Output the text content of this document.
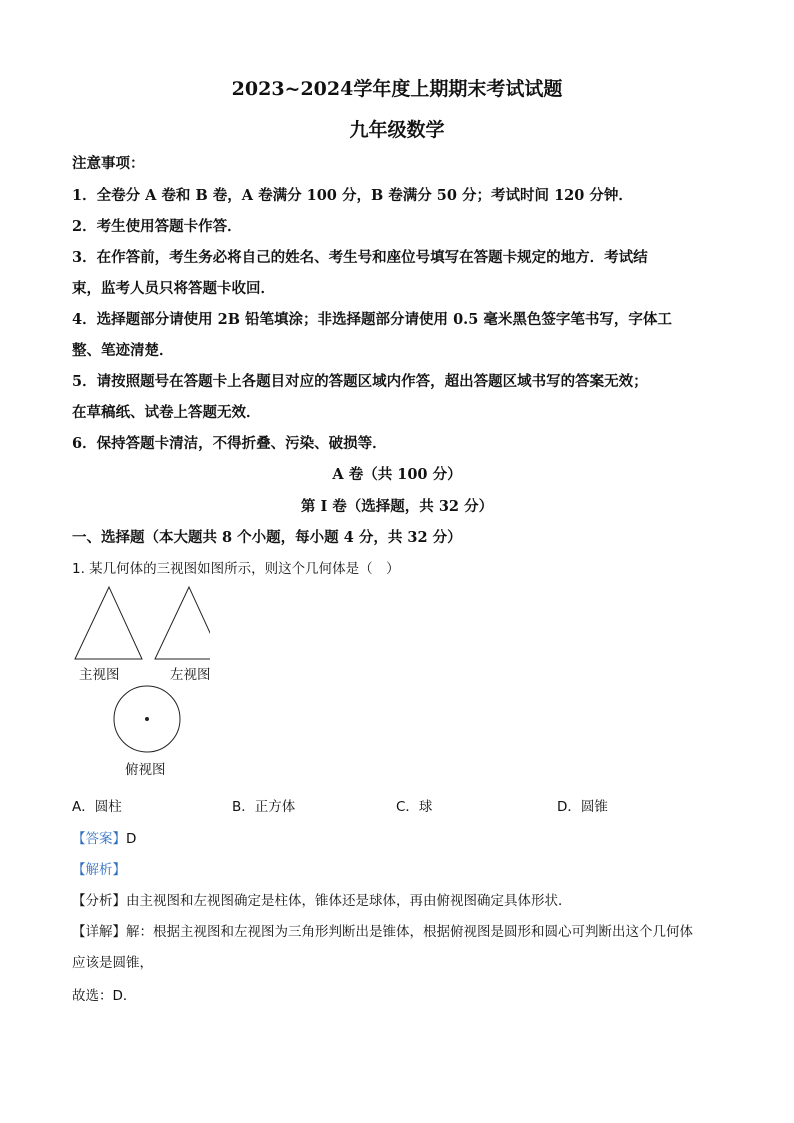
2023~2024学年度上期期末考试试题
九年级数学
注意事项：
1．全卷分 A 卷和 B 卷，A 卷满分 100 分，B 卷满分 50 分；考试时间 120 分钟．
2．考生使用答题卡作答．
3．在作答前，考生务必将自己的姓名、考生号和座位号填写在答题卡规定的地方．考试结
束，监考人员只将答题卡收回．
4．选择题部分请使用 2B 铅笔填涂；非选择题部分请使用 0.5 毫米黑色签字笔书写，字体工
整、笔迹清楚．
5．请按照题号在答题卡上各题目对应的答题区域内作答，超出答题区域书写的答案无效；
在草稿纸、试卷上答题无效．
6．保持答题卡清洁，不得折叠、污染、破损等．
A 卷（共 100 分）
第 I 卷（选择题，共 32 分）
一、选择题（本大题共 8 个小题，每小题 4 分，共 32 分）
1. 某几何体的三视图如图所示，则这个几何体是（　）
主视图	左视图
俯视图
A．圆柱	B．正方体	C．球	D．圆锥
【答案】D
【解析】
【分析】由主视图和左视图确定是柱体，锥体还是球体，再由俯视图确定具体形状．
【详解】解：根据主视图和左视图为三角形判断出是锥体，根据俯视图是圆形和圆心可判断出这个几何体
应该是圆锥，
故选：D．
